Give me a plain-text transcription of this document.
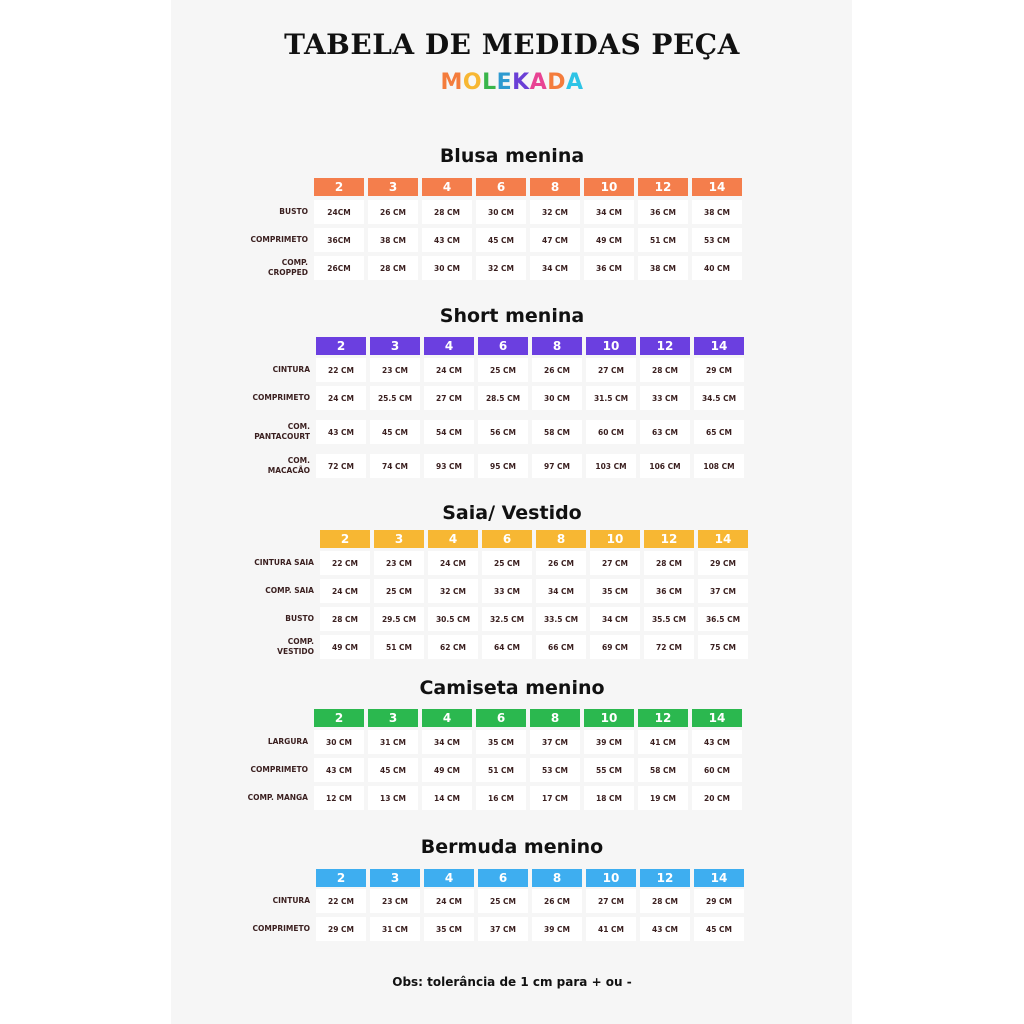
TABELA DE MEDIDAS PEÇA
MOLEKADA
Blusa menina
2	3	4	6	8	10	12	14
BUSTO	24CM	26 CM	28 CM	30 CM	32 CM	34 CM	36 CM	38 CM
COMPRIMETO	36CM	38 CM	43 CM	45 CM	47 CM	49 CM	51 CM	53 CM
COMP.
CROPPED	26CM	28 CM	30 CM	32 CM	34 CM	36 CM	38 CM	40 CM
Short menina
2	3	4	6	8	10	12	14
CINTURA	22 CM	23 CM	24 CM	25 CM	26 CM	27 CM	28 CM	29 CM
COMPRIMETO	24 CM	25.5 CM	27 CM	28.5 CM	30 CM	31.5 CM	33 CM	34.5 CM
COM.
PANTACOURT	43 CM	45 CM	54 CM	56 CM	58 CM	60 CM	63 CM	65 CM
COM.
MACACÃO	72 CM	74 CM	93 CM	95 CM	97 CM	103 CM	106 CM	108 CM
Saia/ Vestido
2	3	4	6	8	10	12	14
CINTURA SAIA	22 CM	23 CM	24 CM	25 CM	26 CM	27 CM	28 CM	29 CM
COMP. SAIA	24 CM	25 CM	32 CM	33 CM	34 CM	35 CM	36 CM	37 CM
BUSTO	28 CM	29.5 CM	30.5 CM	32.5 CM	33.5 CM	34 CM	35.5 CM	36.5 CM
COMP.
VESTIDO	49 CM	51 CM	62 CM	64 CM	66 CM	69 CM	72 CM	75 CM
Camiseta menino
2	3	4	6	8	10	12	14
LARGURA	30 CM	31 CM	34 CM	35 CM	37 CM	39 CM	41 CM	43 CM
COMPRIMETO	43 CM	45 CM	49 CM	51 CM	53 CM	55 CM	58 CM	60 CM
COMP. MANGA	12 CM	13 CM	14 CM	16 CM	17 CM	18 CM	19 CM	20 CM
Bermuda menino
2	3	4	6	8	10	12	14
CINTURA	22 CM	23 CM	24 CM	25 CM	26 CM	27 CM	28 CM	29 CM
COMPRIMETO	29 CM	31 CM	35 CM	37 CM	39 CM	41 CM	43 CM	45 CM
Obs: tolerância de 1 cm para + ou -
